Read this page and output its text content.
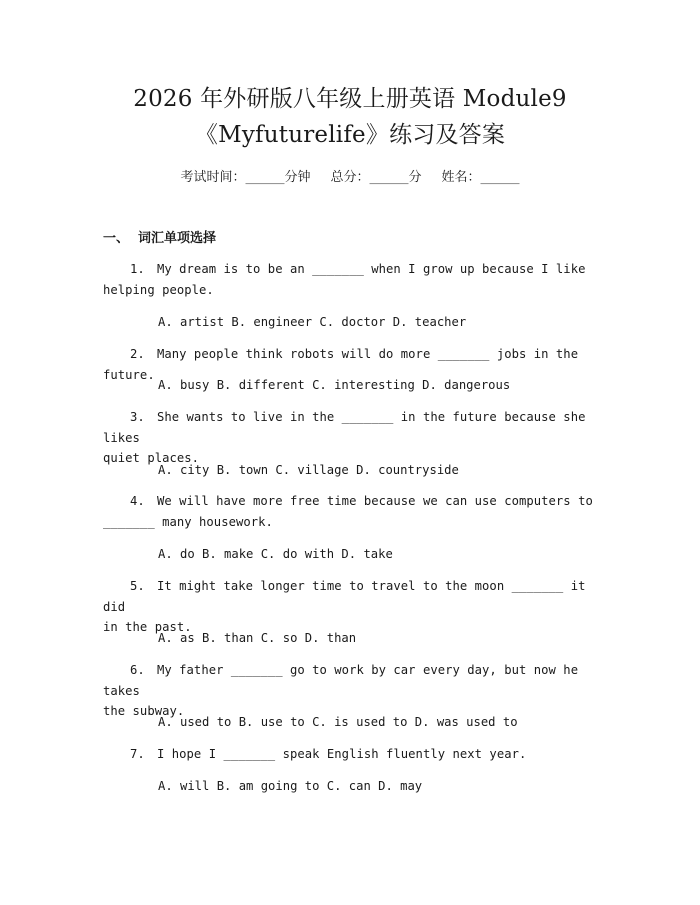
2026 年外研版八年级上册英语 Module9
《Myfuturelife》练习及答案
考试时间：______分钟 总分：______分 姓名：______
一、 词汇单项选择
1. My dream is to be an _______ when I grow up because I like
helping people.
A. artist B. engineer C. doctor D. teacher
2. Many people think robots will do more _______ jobs in the future.
A. busy B. different C. interesting D. dangerous
3. She wants to live in the _______ in the future because she likes
quiet places.
A. city B. town C. village D. countryside
4. We will have more free time because we can use computers to
_______ many housework.
A. do B. make C. do with D. take
5. It might take longer time to travel to the moon _______ it did
in the past.
A. as B. than C. so D. than
6. My father _______ go to work by car every day, but now he takes
the subway.
A. used to B. use to C. is used to D. was used to
7. I hope I _______ speak English fluently next year.
A. will B. am going to C. can D. may
